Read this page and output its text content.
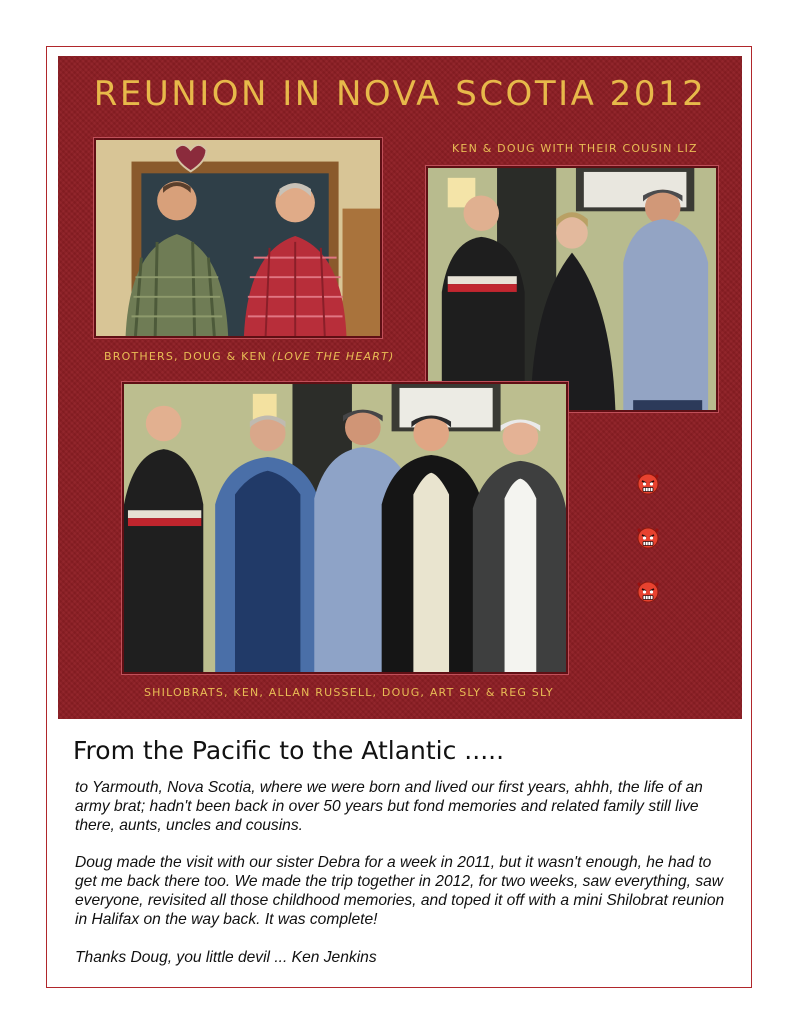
REUNION IN NOVA SCOTIA 2012
BROTHERS, DOUG & KEN (LOVE THE HEART)
KEN & DOUG WITH THEIR COUSIN LIZ
SHILOBRATS, KEN, ALLAN RUSSELL, DOUG, ART SLY & REG SLY
From the Pacific to the Atlantic .....

to Yarmouth, Nova Scotia, where we were born and lived our first years, ahhh, the life of an army brat; hadn't been back in over 50 years but fond memories and related family still live there, aunts, uncles and cousins.

Doug made the visit with our sister Debra for a week in 2011, but it wasn't enough, he had to get me back there too. We made the trip together in 2012, for two weeks, saw everything, saw everyone, revisited all those childhood memories, and toped it off with a mini Shilobrat reunion in Halifax on the way back. It was complete!

Thanks Doug, you little devil ... Ken Jenkins
